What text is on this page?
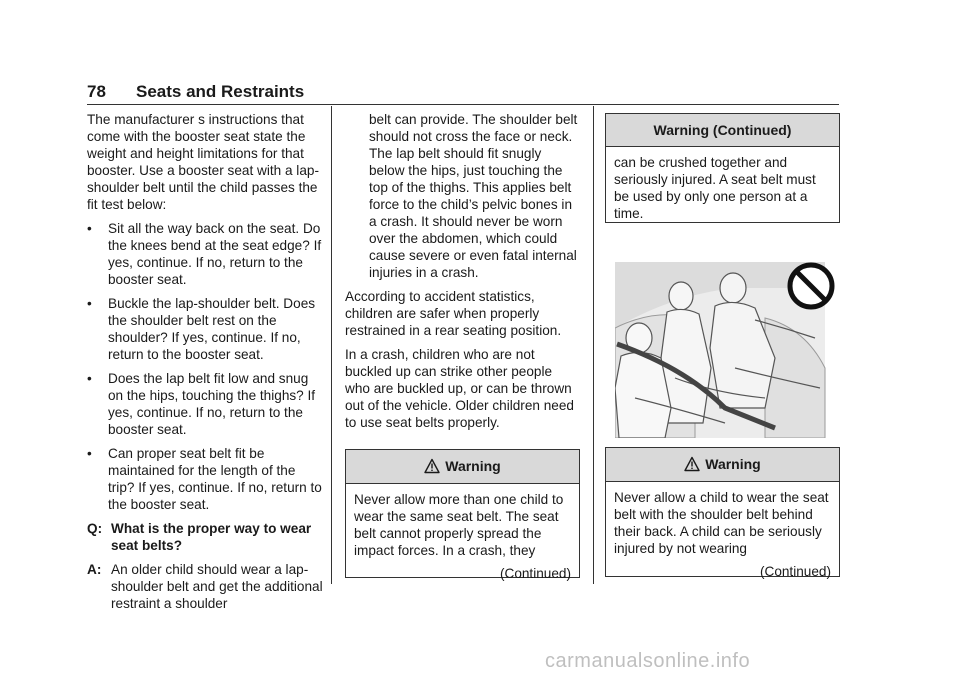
78 Seats and Restraints

The manufacturer s instructions that come with the booster seat state the weight and height limitations for that booster. Use a booster seat with a lap-shoulder belt until the child passes the fit test below:

•	Sit all the way back on the seat. Do the knees bend at the seat edge? If yes, continue. If no, return to the booster seat.
•	Buckle the lap-shoulder belt. Does the shoulder belt rest on the shoulder? If yes, continue. If no, return to the booster seat.
•	Does the lap belt fit low and snug on the hips, touching the thighs? If yes, continue. If no, return to the booster seat.
•	Can proper seat belt fit be maintained for the length of the trip? If yes, continue. If no, return to the booster seat.
Q: What is the proper way to wear seat belts?
A: An older child should wear a lap-shoulder belt and get the additional restraint a shoulder

belt can provide. The shoulder belt should not cross the face or neck. The lap belt should fit snugly below the hips, just touching the top of the thighs. This applies belt force to the child’s pelvic bones in a crash. It should never be worn over the abdomen, which could cause severe or even fatal internal injuries in a crash.

According to accident statistics, children are safer when properly restrained in a rear seating position.

In a crash, children who are not buckled up can strike other people who are buckled up, or can be thrown out of the vehicle. Older children need to use seat belts properly.

Warning
Never allow more than one child to wear the same seat belt. The seat belt cannot properly spread the impact forces. In a crash, they
(Continued)
Warning (Continued)
can be crushed together and seriously injured. A seat belt must be used by only one person at a time.
Warning
Never allow a child to wear the seat belt with the shoulder belt behind their back. A child can be seriously injured by not wearing
(Continued)
carmanualsonline.info
